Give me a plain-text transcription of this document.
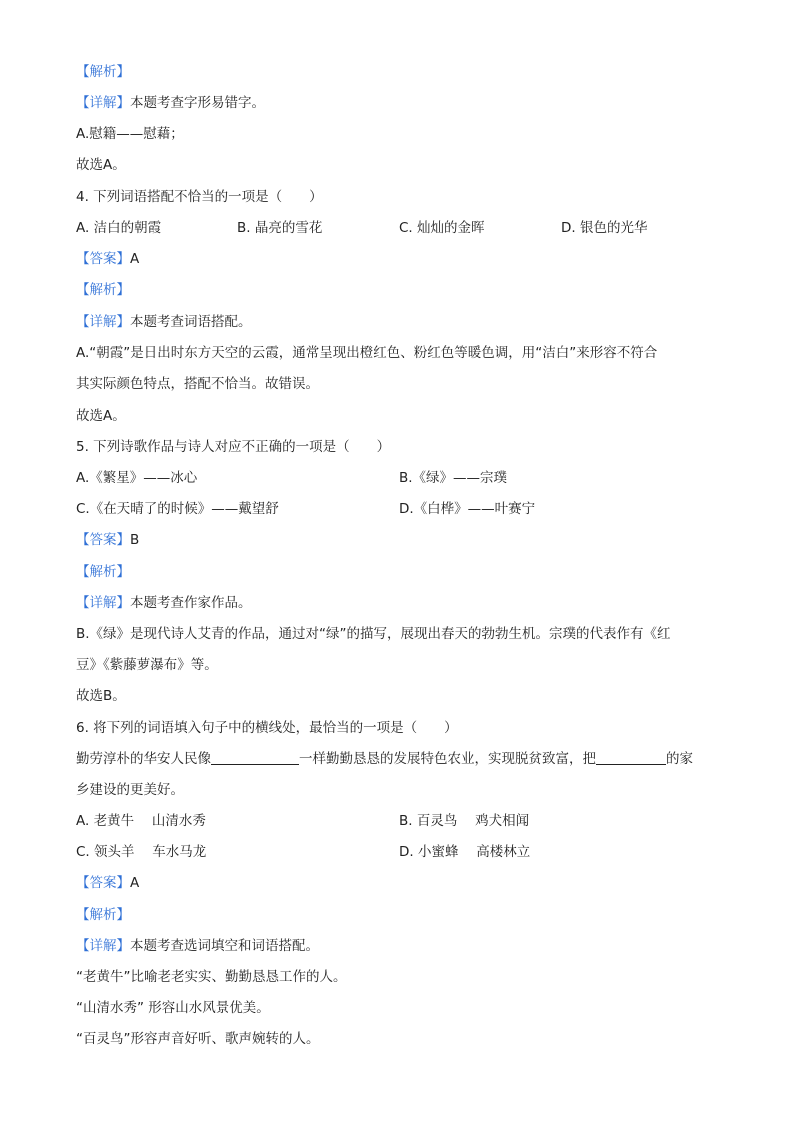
【解析】
【详解】本题考查字形易错字。
A.慰籍——慰藉；
故选A。
4. 下列词语搭配不恰当的一项是（　　）
A. 洁白的朝霞	B. 晶亮的雪花	C. 灿灿的金晖	D. 银色的光华
【答案】A
【解析】
【详解】本题考查词语搭配。
A.“朝霞”是日出时东方天空的云霞，通常呈现出橙红色、粉红色等暖色调，用“洁白”来形容不符合
其实际颜色特点，搭配不恰当。故错误。
故选A。
5. 下列诗歌作品与诗人对应不正确的一项是（　　）
A.《繁星》——冰心	B.《绿》——宗璞
C.《在天晴了的时候》——戴望舒	D.《白桦》——叶赛宁
【答案】B
【解析】
【详解】本题考查作家作品。
B.《绿》是现代诗人艾青的作品，通过对“绿”的描写，展现出春天的勃勃生机。宗璞的代表作有《红
豆》《紫藤萝瀑布》等。
故选B。
6. 将下列的词语填入句子中的横线处，最恰当的一项是（　　）
勤劳淳朴的华安人民像	一样勤勤恳恳的发展特色农业，实现脱贫致富，把	的家
乡建设的更美好。
A. 老黄牛　 山清水秀	B. 百灵鸟　 鸡犬相闻
C. 领头羊　 车水马龙	D. 小蜜蜂　 高楼林立
【答案】A
【解析】
【详解】本题考查选词填空和词语搭配。
“老黄牛”比喻老老实实、勤勤恳恳工作的人。
“山清水秀” 形容山水风景优美。
“百灵鸟”形容声音好听、歌声婉转的人。
